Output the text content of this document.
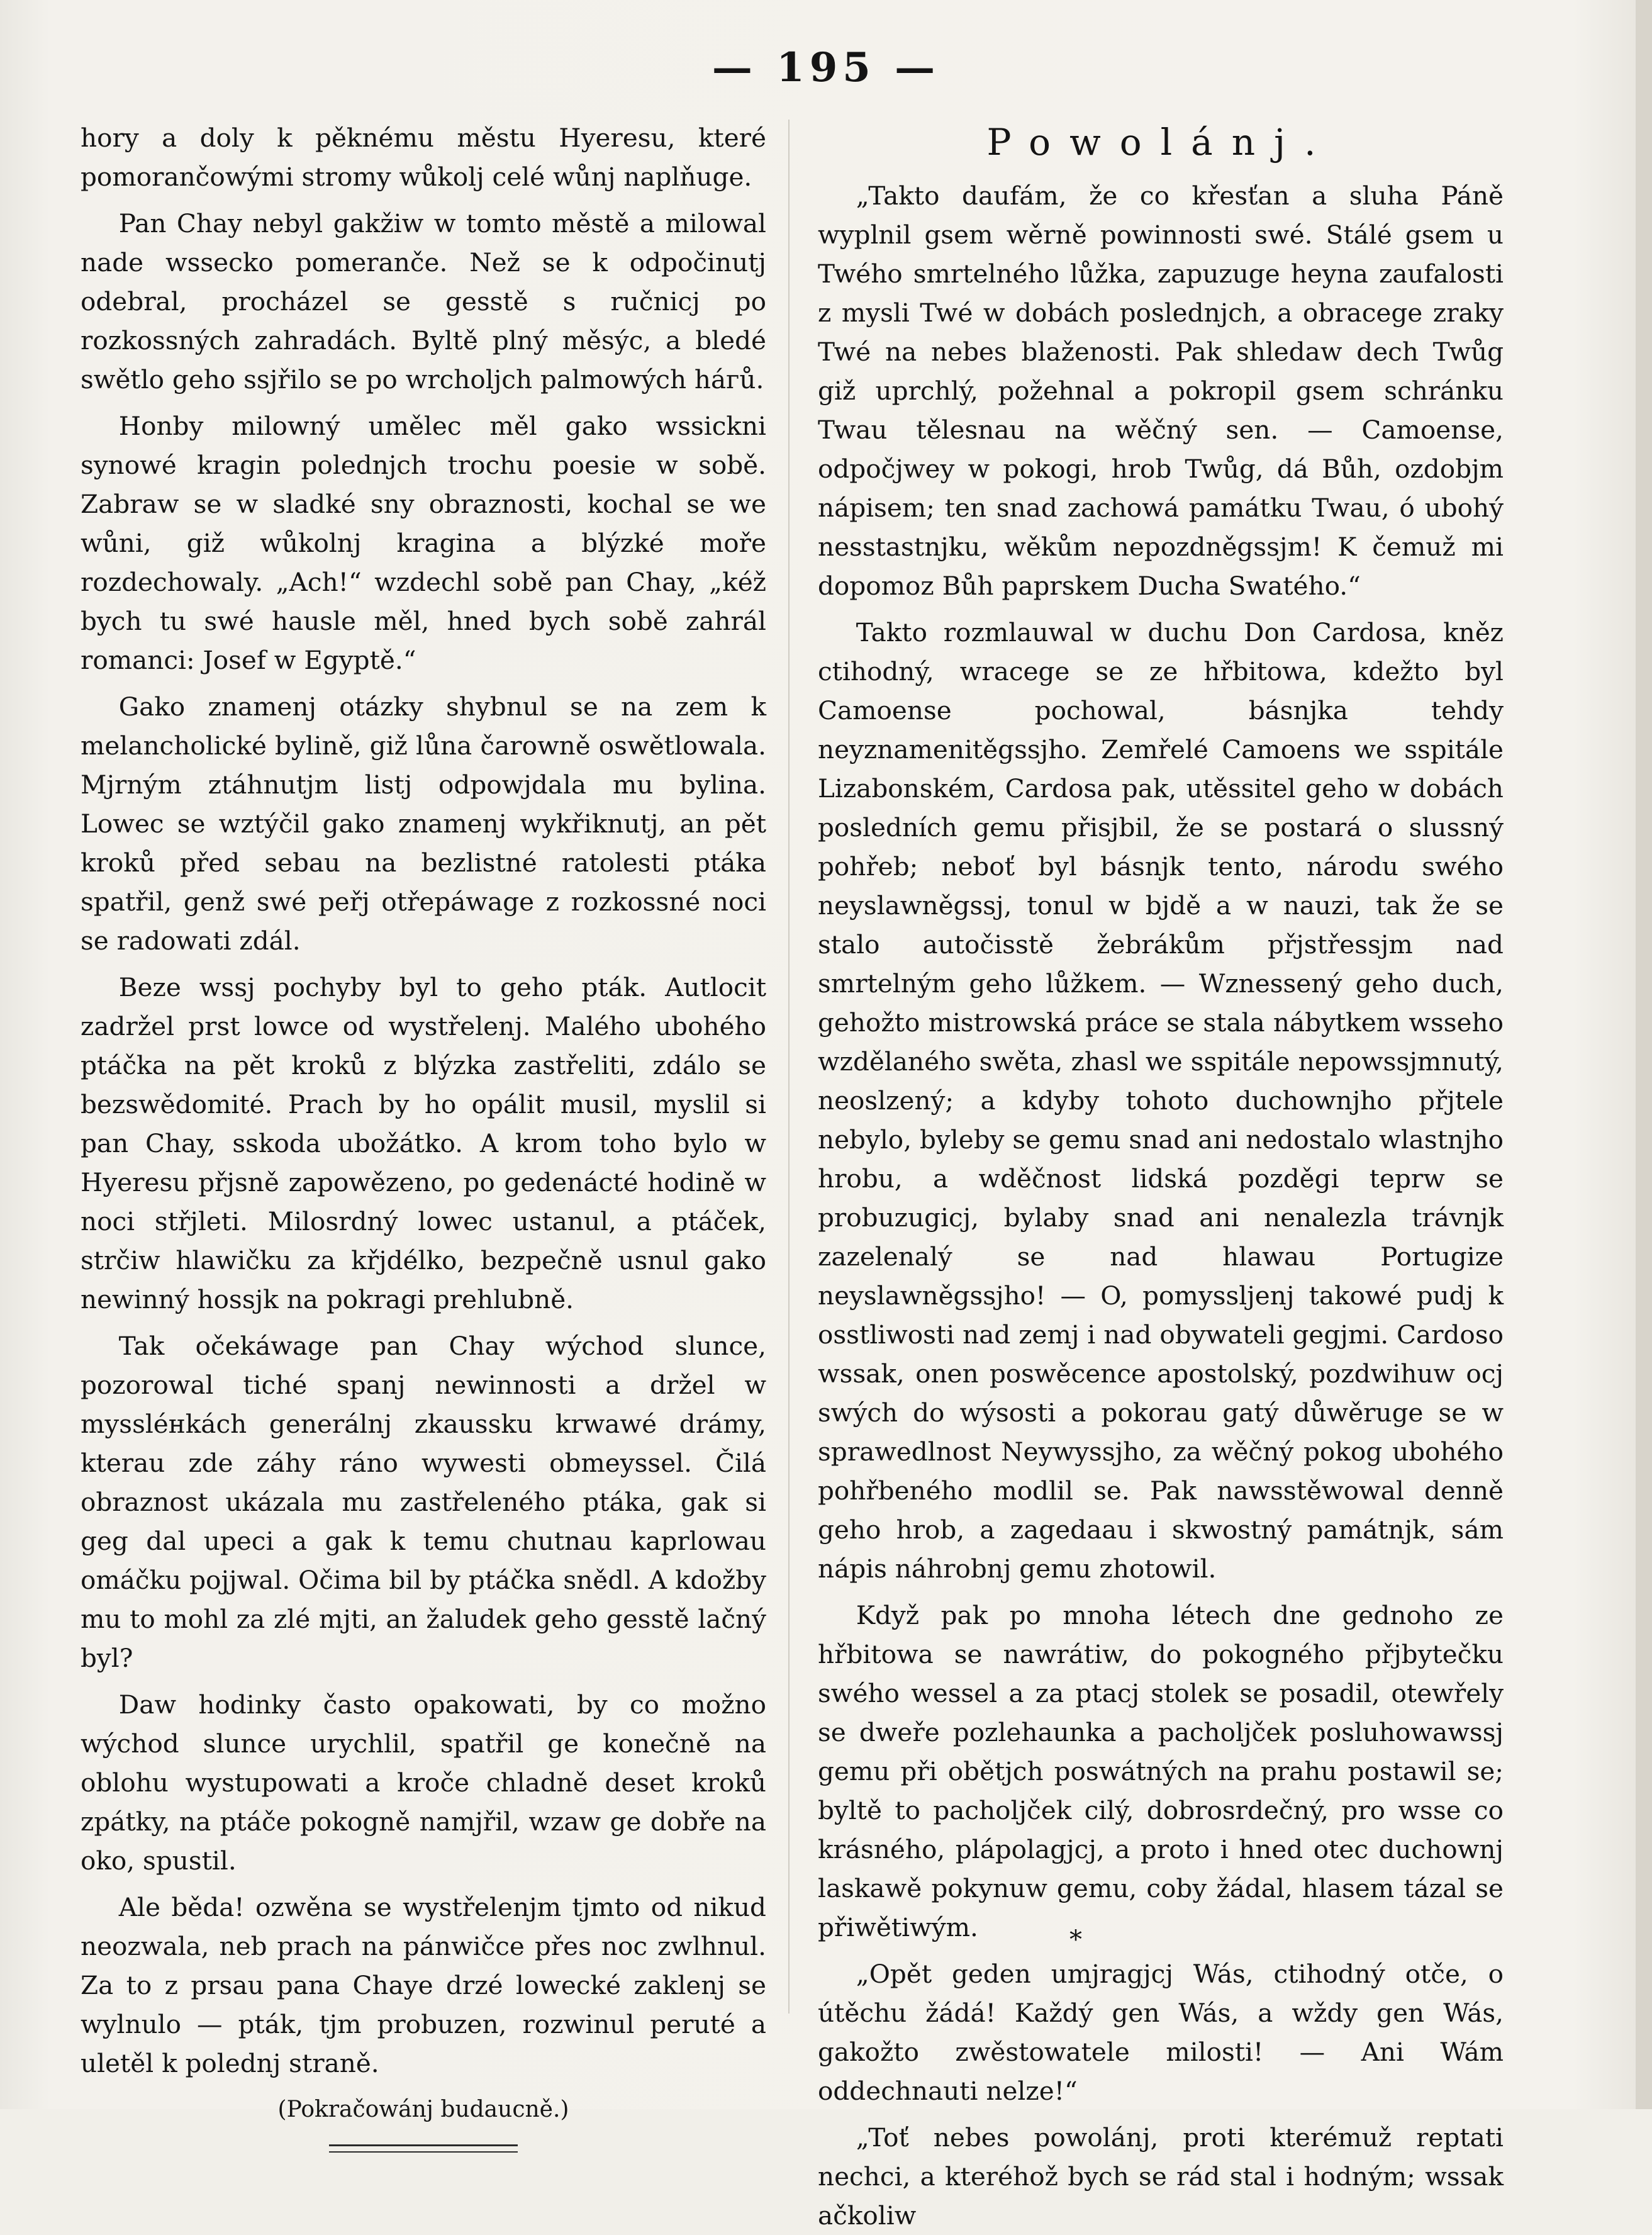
— 195 —

hory a doly k pěknému městu Hyeresu, které pomorančowými stromy wůkolj celé wůnj naplňuge.

Pan Chay nebyl gakžiw w tomto městě a milowal nade wsseckо pomeranče. Než se k odpočinutj odebral, procházel se gesstě s ručnicj po rozkossných zahradách. Byltě plný měsýc, a bledé swětlo geho ssjřilo se po wrcholjch palmowých háгů.

Honby milowný umělec měl gako wssickni synowé kragin polednjch trochu poesie w sobě. Zabraw se w sladké sny obraznosti, kochal se we wůni, giž wůkolnj kragina a blýzké moře rozdechowaly. „Ach!“ wzdechl sobě pan Chay, „kéž bych tu swé hausle měl, hned bych sobě zahrál romanci: Josef w Egyptě.“

Gako znamenj otázky shybnul se na zem k melancholické bylině, giž lůna čarowně oswětlowala. Mjrným ztáhnutjm listj odpowjdala mu bylina. Lowec se wztýčil gako znamenj wykřiknutj, an pět kroků před sebau na bezlistné ratolesti ptáka spatřil, genž swé peřj otřepáwage z rozkossné noci se radowati zdál.

Beze wssj pochyby byl to geho pták. Autlocit zadržel prst lowce od wystřelenj. Malého ubohého ptáčka na pět kroků z blýzka zastřeliti, zdálo se bezswědomité. Prach by ho opálit musil, myslil si pan Chay, sskoda ubožátko. A krom toho bylo w Hyeresu přjsně zapowězeno, po gedenácté hodině w noci střjleti. Milosrdný lowec ustanul, a ptáček, strčiw hlawičku za křjdélko, bezpečně usnul gako newinný hossjk na pokragi prehlubně.

Tak očekáwage pan Chay wýchod slunce, pozorowal tiché spanj newinnosti a držel w myssléнkách generálnj zkaussku krwawé drámy, kterau zde záhy ráno wywesti obmeyssel. Čilá obraznost ukázala mu zastřeleného ptáka, gak si geg dal upeci a gak k temu chutnau kaprlowau omáčku pojjwal. Očima bil by ptáčka snědl. A kdožby mu to mohl za zlé mjti, an žaludek geho gesstě lačný byl?

Daw hodinky často opakowati, by co možno wýchod slunce urychlil, spatřil ge konečně na oblohu wystupowati a kroče chladně deset kroků zpátky, na ptáče pokogně namjřil, wzaw ge dobře na oko, spustil.

Ale běda! ozwěna se wystřelenjm tjmto od nikud neozwala, neb prach na pánwičce přes noc zwlhnul. Za to z prsau pana Chaye drzé lowecké zaklenj se wylnulo — pták, tjm probuzen, rozwinul peruté a uletěl k polednj straně.

(Pokračowánj budaucně.)

Powolánj.

„Takto daufám, že co křesťan a sluha Páně wyplnil gsem wěrně powinnosti swé. Stálé gsem u Twého smrtelného lůžka, zapuzuge heyna zaufalosti z mysli Twé w dobách poslednjch, a obracege zraky Twé na nebes blaženosti. Pak shledaw dech Twůg giž uprchlý, požehnal a pokropil gsem schránku Twau tělesnau na wěčný sen. — Camoense, odpočjwey w pokogi, hrob Twůg, dá Bůh, ozdobjm nápisem; ten snad zachowá památku Twau, ó ubohý nesstastnjku, wěkům nepozdněgssjm! K čemuž mi dopomoz Bůh paprskem Ducha Swatého.“

Takto rozmlauwal w duchu Don Cardosa, kněz ctihodný, wracege se ze hřbitowa, kdežto byl Camoense pochowal, básnjka tehdy neyznamenitěgssjho. Zemřelé Camoens we sspitále Lizabonském, Cardosa pak, utěssitel geho w dobách posledních gemu přisjbil, že se postará o slussný pohřeb; neboť byl básnjk tento, národu swého neyslawněgssj, tonul w bjdě a w nauzi, tak že se stalo autočisstě žebrákům přjstřessjm nad smrtelným geho lůžkem. — Wznessený geho duch, gehožto mistrowská práce se stala nábytkem wsseho wzdělaného swěta, zhasl we sspitále nepowssjmnutý, neoslzený; a kdyby tohoto duchownjho přjtele nebylo, byleby se gemu snad ani nedostalo wlastnjho hrobu, a wděčnost lidská pozděgi teprw se probuzugicj, bylaby snad ani nenalezla trávnjk zazelenalý se nad hlawau Portugize neyslawněgssjho! — O, pomyssljenj takowé pudj k osstliwosti nad zemj i nad obywateli gegjmi. Cardoso wssak, onen poswěcence apostolský, pozdwihuw ocj swých do wýsosti a pokorau gatý důwěruge se w sprawedlnost Neywyssjho, za wěčný pokog ubohého pohřbeného modlil se. Pak nawsstěwowal denně geho hrob, a zagedaau i skwostný památnjk, sám nápis náhrobnj gemu zhotowil.

Když pak po mnoha létech dne gednoho ze hřbitowa se nawrátiw, do pokogného přjbytečku swého wessel a za ptacj stolek se posadil, otewřely se dweře pozlehaunka a pacholjček posluhowawssj gemu při obětjch poswátných na prahu postawil se; byltě to pacholjček cilý, dobrosrdečný, pro wsse co krásného, plápolagjcj, a proto i hned otec duchownj laskawě pokynuw gemu, coby žádal, hlasem tázal se přiwětiwým.

„Opět geden umjragjcj Wás, ctihodný otče, o útěchu žádá! Každý gen Wás, a wždy gen Wás, gakožto zwěstowatele milosti! — Ani Wám oddechnauti nelze!“

„Toť nebes powolánj, proti kterémuž reptati nechci, a kteréhož bych se rád stal i hodným; wssak ačkoliw

*
